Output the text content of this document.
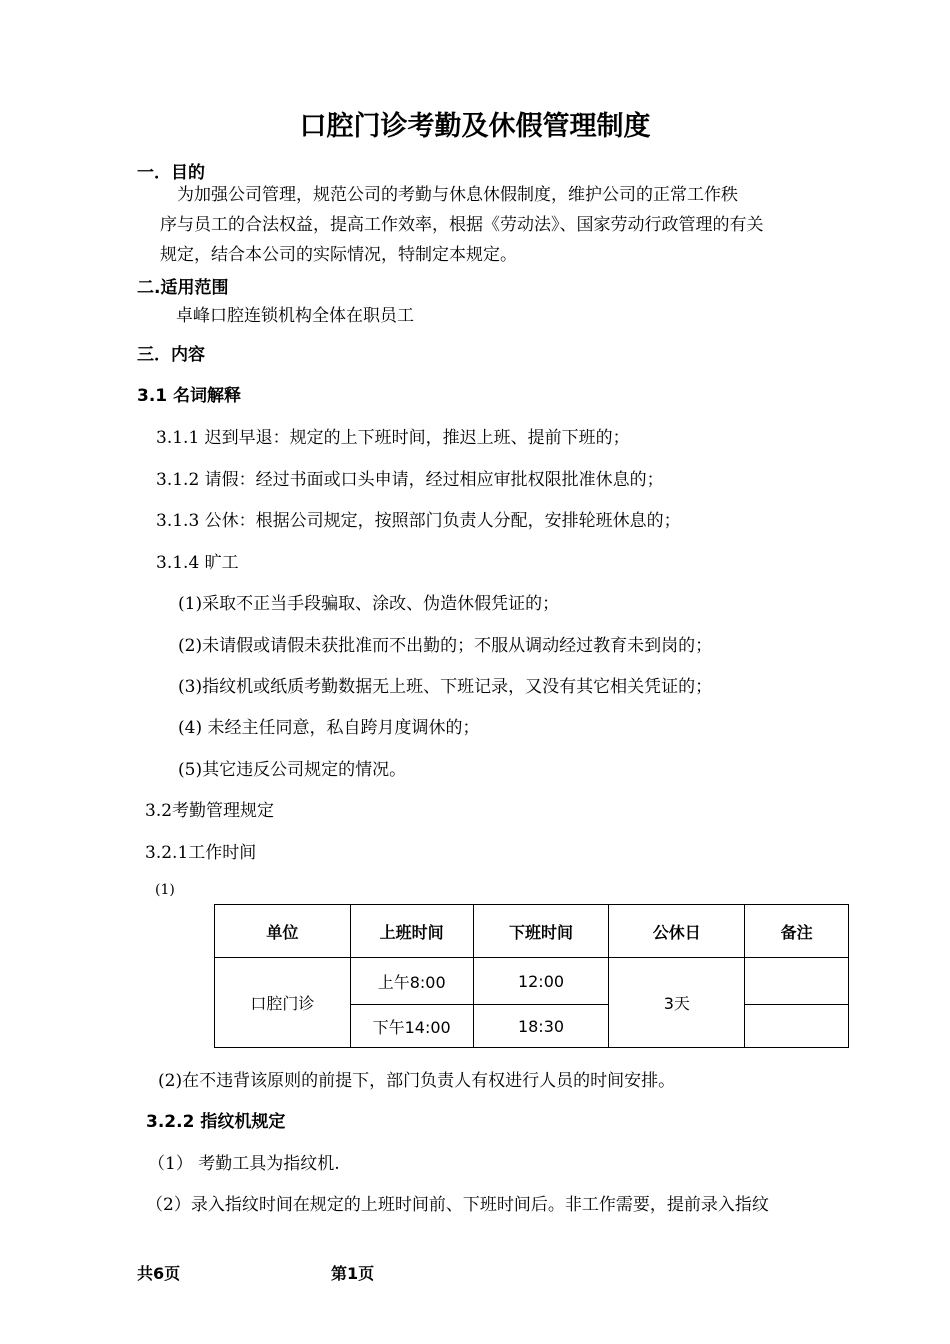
口腔门诊考勤及休假管理制度
一．目的
为加强公司管理，规范公司的考勤与休息休假制度，维护公司的正常工作秩
序与员工的合法权益，提高工作效率，根据《劳动法》、国家劳动行政管理的有关
规定，结合本公司的实际情况，特制定本规定。
二.适用范围
卓峰口腔连锁机构全体在职员工
三．内容
3.1 名词解释
3.1.1 迟到早退：规定的上下班时间，推迟上班、提前下班的；
3.1.2 请假：经过书面或口头申请，经过相应审批权限批准休息的；
3.1.3 公休：根据公司规定，按照部门负责人分配，安排轮班休息的；
3.1.4 旷工
(1)采取不正当手段骗取、涂改、伪造休假凭证的；
(2)未请假或请假未获批准而不出勤的；不服从调动经过教育未到岗的；
(3)指纹机或纸质考勤数据无上班、下班记录，又没有其它相关凭证的；
(4) 未经主任同意，私自跨月度调休的；
(5)其它违反公司规定的情况。
3.2考勤管理规定
3.2.1工作时间
(1)
单位	上班时间	下班时间	公休日	备注
口腔门诊	上午8:00	12:00	3天	
	下午14:00	18:30		
(2)在不违背该原则的前提下，部门负责人有权进行人员的时间安排。
3.2.2 指纹机规定
（1） 考勤工具为指纹机.
（2）录入指纹时间在规定的上班时间前、下班时间后。非工作需要，提前录入指纹
共6页	第1页
